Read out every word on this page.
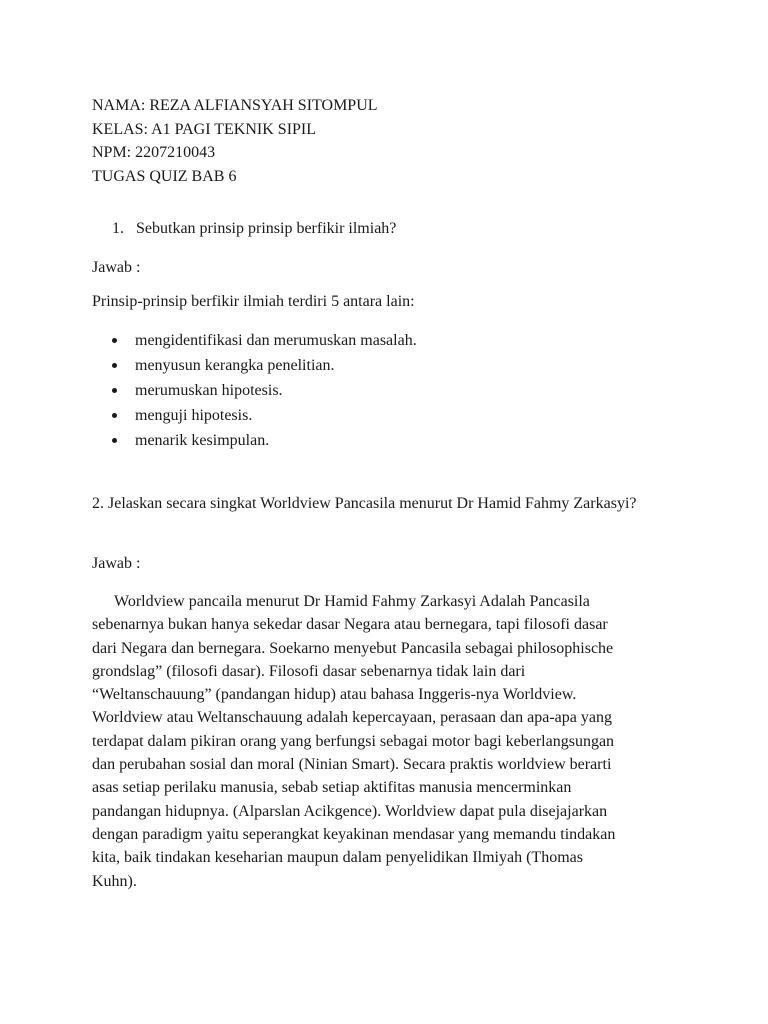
NAMA: REZA ALFIANSYAH SITOMPUL
KELAS: A1 PAGI TEKNIK SIPIL
NPM: 2207210043
TUGAS QUIZ BAB 6
1. Sebutkan prinsip prinsip berfikir ilmiah?
Jawab :
Prinsip-prinsip berfikir ilmiah terdiri 5 antara lain:
mengidentifikasi dan merumuskan masalah.
menyusun kerangka penelitian.
merumuskan hipotesis.
menguji hipotesis.
menarik kesimpulan.
2. Jelaskan secara singkat Worldview Pancasila menurut Dr Hamid Fahmy Zarkasyi?
Jawab :
Worldview pancaila menurut Dr Hamid Fahmy Zarkasyi Adalah Pancasila
sebenarnya bukan hanya sekedar dasar Negara atau bernegara, tapi filosofi dasar
dari Negara dan bernegara. Soekarno menyebut Pancasila sebagai philosophische
grondslag” (filosofi dasar). Filosofi dasar sebenarnya tidak lain dari
“Weltanschauung” (pandangan hidup) atau bahasa Inggeris-nya Worldview.
Worldview atau Weltanschauung adalah kepercayaan, perasaan dan apa-apa yang
terdapat dalam pikiran orang yang berfungsi sebagai motor bagi keberlangsungan
dan perubahan sosial dan moral (Ninian Smart). Secara praktis worldview berarti
asas setiap perilaku manusia, sebab setiap aktifitas manusia mencerminkan
pandangan hidupnya. (Alparslan Acikgence). Worldview dapat pula disejajarkan
dengan paradigm yaitu seperangkat keyakinan mendasar yang memandu tindakan
kita, baik tindakan keseharian maupun dalam penyelidikan Ilmiyah (Thomas
Kuhn).
